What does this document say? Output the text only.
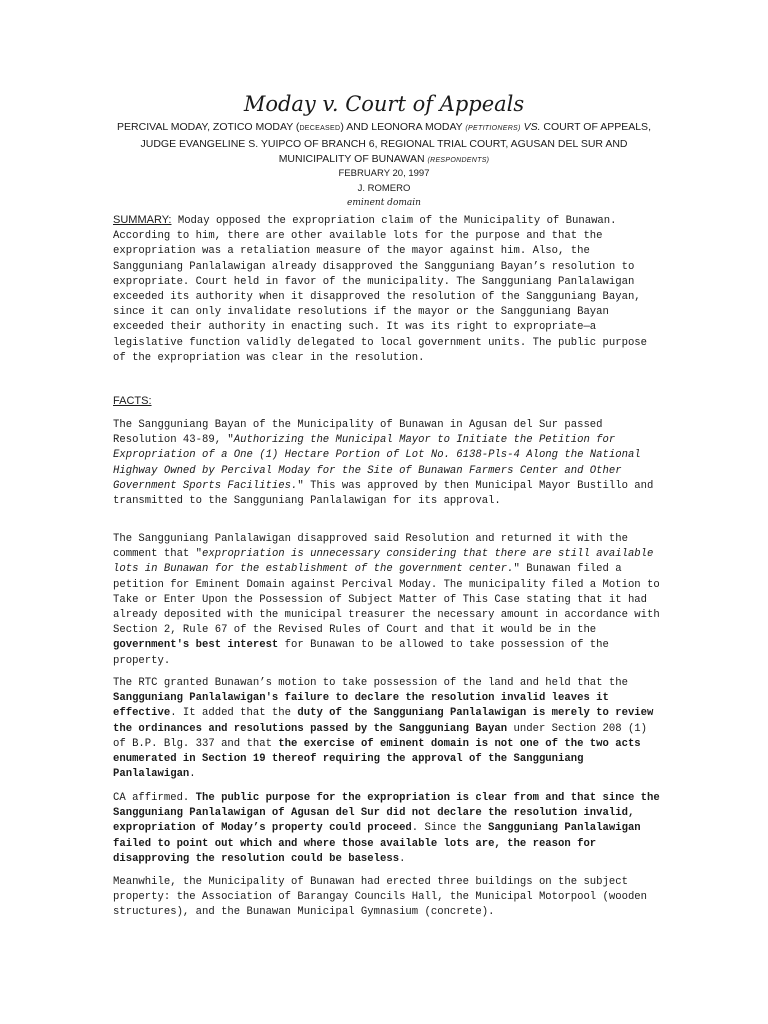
Moday v. Court of Appeals
PERCIVAL MODAY, ZOTICO MODAY (DECEASED) AND LEONORA MODAY (PETITIONERS) VS. COURT OF APPEALS, JUDGE EVANGELINE S. YUIPCO OF BRANCH 6, REGIONAL TRIAL COURT, AGUSAN DEL SUR AND MUNICIPALITY OF BUNAWAN (RESPONDENTS)
FEBRUARY 20, 1997
J. ROMERO
eminent domain

SUMMARY: Moday opposed the expropriation claim of the Municipality of Bunawan. According to him, there are other available lots for the purpose and that the expropriation was a retaliation measure of the mayor against him. Also, the Sangguniang Panlalawigan already disapproved the Sangguniang Bayan’s resolution to expropriate. Court held in favor of the municipality. The Sangguniang Panlalawigan exceeded its authority when it disapproved the resolution of the Sangguniang Bayan, since it can only invalidate resolutions if the mayor or the Sangguniang Bayan exceeded their authority in enacting such. It was its right to expropriate—a legislative function validly delegated to local government units. The public purpose of the expropriation was clear in the resolution.

FACTS:

The Sangguniang Bayan of the Municipality of Bunawan in Agusan del Sur passed Resolution 43-89, "Authorizing the Municipal Mayor to Initiate the Petition for Expropriation of a One (1) Hectare Portion of Lot No. 6138-Pls-4 Along the National Highway Owned by Percival Moday for the Site of Bunawan Farmers Center and Other Government Sports Facilities." This was approved by then Municipal Mayor Bustillo and transmitted to the Sangguniang Panlalawigan for its approval.

The Sangguniang Panlalawigan disapproved said Resolution and returned it with the comment that "expropriation is unnecessary considering that there are still available lots in Bunawan for the establishment of the government center." Bunawan filed a petition for Eminent Domain against Percival Moday. The municipality filed a Motion to Take or Enter Upon the Possession of Subject Matter of This Case stating that it had already deposited with the municipal treasurer the necessary amount in accordance with Section 2, Rule 67 of the Revised Rules of Court and that it would be in the government's best interest for Bunawan to be allowed to take possession of the property.

The RTC granted Bunawan’s motion to take possession of the land and held that the Sangguniang Panlalawigan's failure to declare the resolution invalid leaves it effective. It added that the duty of the Sangguniang Panlalawigan is merely to review the ordinances and resolutions passed by the Sangguniang Bayan under Section 208 (1) of B.P. Blg. 337 and that the exercise of eminent domain is not one of the two acts enumerated in Section 19 thereof requiring the approval of the Sangguniang Panlalawigan.

CA affirmed. The public purpose for the expropriation is clear from and that since the Sangguniang Panlalawigan of Agusan del Sur did not declare the resolution invalid, expropriation of Moday’s property could proceed. Since the Sangguniang Panlalawigan failed to point out which and where those available lots are, the reason for disapproving the resolution could be baseless.

Meanwhile, the Municipality of Bunawan had erected three buildings on the subject property: the Association of Barangay Councils Hall, the Municipal Motorpool (wooden structures), and the Bunawan Municipal Gymnasium (concrete).
